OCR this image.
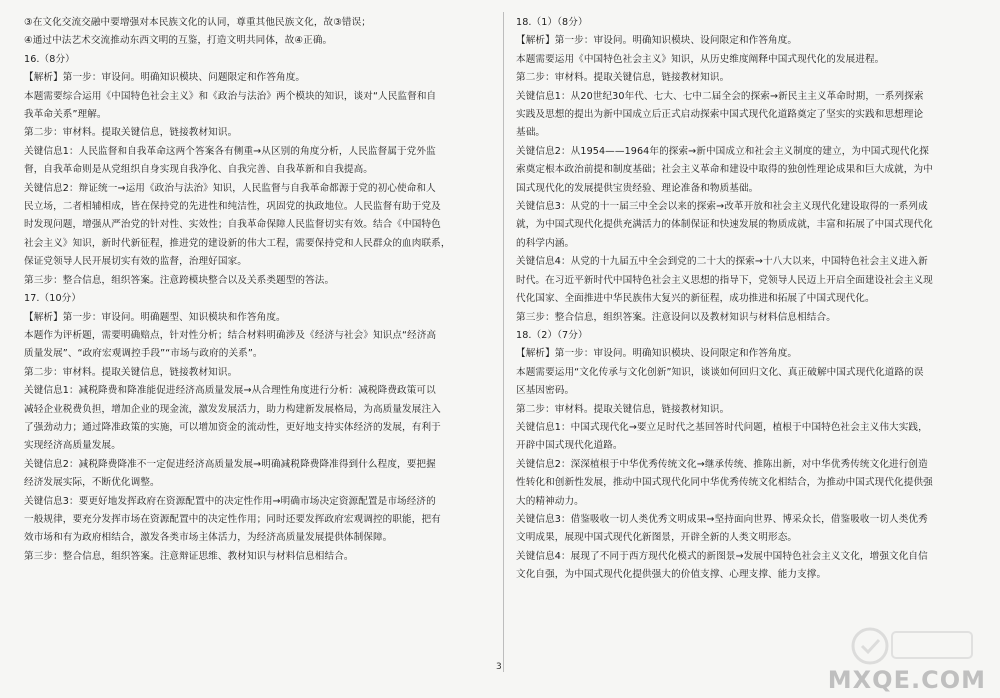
③在文化交流交融中要增强对本民族文化的认同，尊重其他民族文化，故③错误；

④通过中法艺术交流推动东西文明的互鉴，打造文明共同体，故④正确。

16.（8分）

【解析】第一步：审设问。明确知识模块、问题限定和作答角度。

本题需要综合运用《中国特色社会主义》和《政治与法治》两个模块的知识，谈对“人民监督和自

我革命关系”理解。

第二步：审材料。提取关键信息，链接教材知识。

关键信息1：人民监督和自我革命这两个答案各有侧重→从区别的角度分析，人民监督属于党外监

督，自我革命则是从党组织自身实现自我净化、自我完善、自我革新和自我提高。

关键信息2：辩证统一→运用《政治与法治》知识，人民监督与自我革命都源于党的初心使命和人

民立场，二者相辅相成，皆在保持党的先进性和纯洁性，巩固党的执政地位。人民监督有助于党及

时发现问题，增强从严治党的针对性、实效性；自我革命保障人民监督切实有效。结合《中国特色

社会主义》知识，新时代新征程，推进党的建设新的伟大工程，需要保持党和人民群众的血肉联系，

保证党领导人民开展切实有效的监督，治理好国家。

第三步：整合信息，组织答案。注意跨模块整合以及关系类题型的答法。

17.（10分）

【解析】第一步：审设问。明确题型、知识模块和作答角度。

本题作为评析题，需要明确赔点，针对性分析；结合材料明确涉及《经济与社会》知识点“经济高

质量发展”、“政府宏观调控手段”“市场与政府的关系”。

第二步：审材料。提取关键信息，链接教材知识。

关键信息1：减税降费和降准能促进经济高质量发展→从合理性角度进行分析：减税降费政策可以

减轻企业税费负担，增加企业的现金流，激发发展活力，助力构建新发展格局，为高质量发展注入

了强劲动力；通过降准政策的实施，可以增加资金的流动性，更好地支持实体经济的发展，有利于

实现经济高质量发展。

关键信息2：减税降费降准不一定促进经济高质量发展→明确减税降费降准得到什么程度，要把握

经济发展实际，不断优化调整。

关键信息3：要更好地发挥政府在资源配置中的决定性作用→明确市场决定资源配置是市场经济的

一般规律，要充分发挥市场在资源配置中的决定性作用；同时还要发挥政府宏观调控的职能，把有

效市场和有为政府相结合，激发各类市场主体活力，为经济高质量发展提供体制保障。

第三步：整合信息，组织答案。注意辩证思维、教材知识与材料信息相结合。

18.（1）（8分）

【解析】第一步：审设问。明确知识模块、设问限定和作答角度。

本题需要运用《中国特色社会主义》知识，从历史维度阐释中国式现代化的发展进程。

第二步：审材料。提取关键信息，链接教材知识。

关键信息1：从20世纪30年代、七大、七中二届全会的探索→新民主主义革命时期，一系列探索

实践及思想的提出为新中国成立后正式启动探索中国式现代化道路奠定了坚实的实践和思想理论

基础。

关键信息2：从1954——1964年的探索→新中国成立和社会主义制度的建立，为中国式现代化探

索奠定根本政治前提和制度基础；社会主义革命和建设中取得的独创性理论成果和巨大成就，为中

国式现代化的发展提供宝贵经验、理论准备和物质基础。

关键信息3：从党的十一届三中全会以来的探索→改革开放和社会主义现代化建设取得的一系列成

就，为中国式现代化提供充满活力的体制保证和快速发展的物质成就，丰富和拓展了中国式现代化

的科学内涵。

关键信息4：从党的十九届五中全会到党的二十大的探索→十八大以来，中国特色社会主义进入新

时代。在习近平新时代中国特色社会主义思想的指导下，党领导人民迈上开启全面建设社会主义现

代化国家、全面推进中华民族伟大复兴的新征程，成功推进和拓展了中国式现代化。

第三步：整合信息，组织答案。注意设问以及教材知识与材料信息相结合。

18.（2）（7分）

【解析】第一步：审设问。明确知识模块、设问限定和作答角度。

本题需要运用“文化传承与文化创新”知识，谈谈如何回归文化、真正破解中国式现代化道路的误

区基因密码。

第二步：审材料。提取关键信息，链接教材知识。

关键信息1：中国式现代化→要立足时代之基回答时代问题，植根于中国特色社会主义伟大实践，

开辟中国式现代化道路。

关键信息2：深深植根于中华优秀传统文化→继承传统、推陈出新，对中华优秀传统文化进行创造

性转化和创新性发展，推动中国式现代化同中华优秀传统文化相结合，为推动中国式现代化提供强

大的精神动力。

关键信息3：借鉴吸收一切人类优秀文明成果→坚持面向世界、博采众长，借鉴吸收一切人类优秀

文明成果，展现中国式现代化新图景，开辟全新的人类文明形态。

关键信息4：展现了不同于西方现代化模式的新图景→发展中国特色社会主义文化，增强文化自信

文化自强，为中国式现代化提供强大的价值支撑、心理支撑、能力支撑。

3	MXQE.COM
